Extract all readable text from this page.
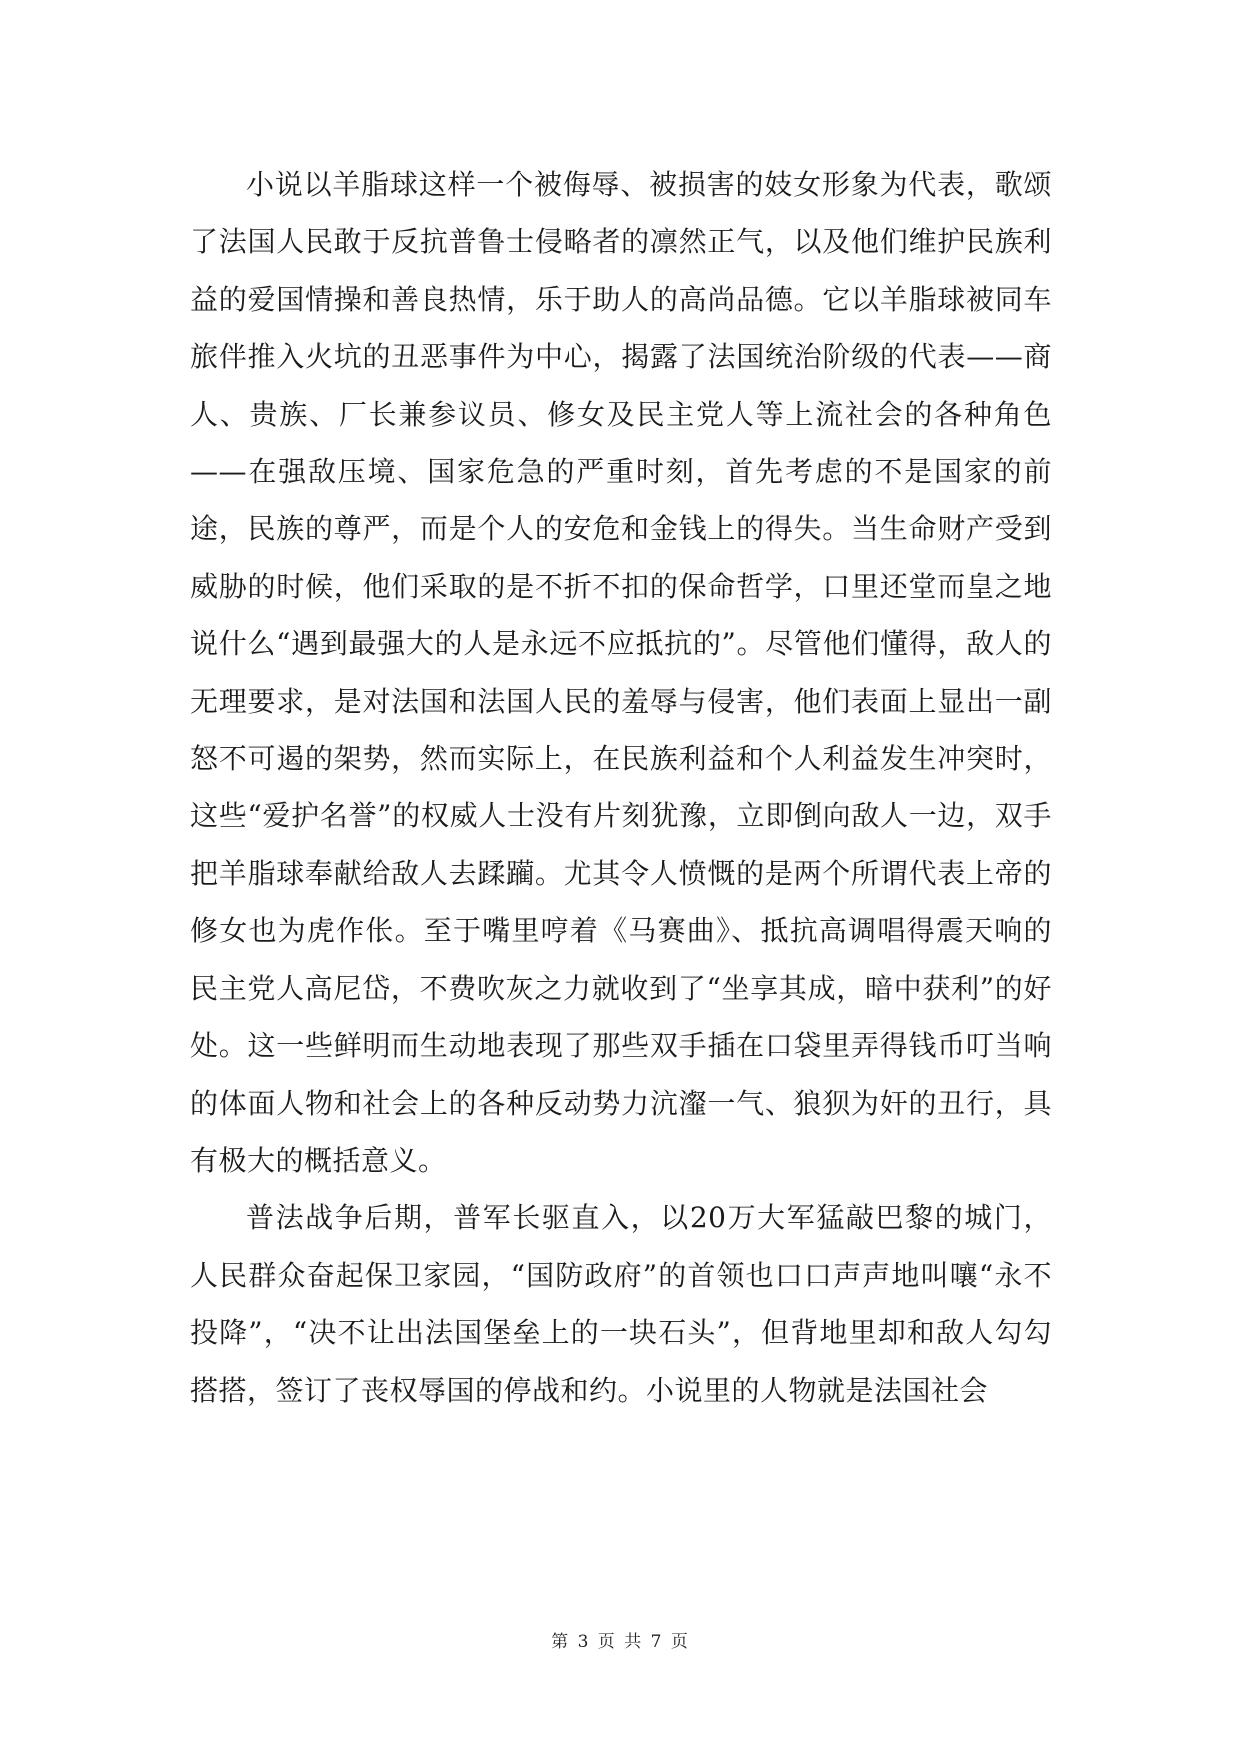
小说以羊脂球这样一个被侮辱、被损害的妓女形象为代表，歌颂了法国人民敢于反抗普鲁士侵略者的凛然正气，以及他们维护民族利益的爱国情操和善良热情，乐于助人的高尚品德。它以羊脂球被同车旅伴推入火坑的丑恶事件为中心，揭露了法国统治阶级的代表——商人、贵族、厂长兼参议员、修女及民主党人等上流社会的各种角色——在强敌压境、国家危急的严重时刻，首先考虑的不是国家的前途，民族的尊严，而是个人的安危和金钱上的得失。当生命财产受到威胁的时候，他们采取的是不折不扣的保命哲学，口里还堂而皇之地说什么“遇到最强大的人是永远不应抵抗的”。尽管他们懂得，敌人的无理要求，是对法国和法国人民的羞辱与侵害，他们表面上显出一副怒不可遏的架势，然而实际上，在民族利益和个人利益发生冲突时，这些“爱护名誉”的权威人士没有片刻犹豫，立即倒向敌人一边，双手把羊脂球奉献给敌人去蹂躏。尤其令人愤慨的是两个所谓代表上帝的修女也为虎作伥。至于嘴里哼着《马赛曲》、抵抗高调唱得震天响的民主党人高尼岱，不费吹灰之力就收到了“坐享其成，暗中获利”的好处。这一些鲜明而生动地表现了那些双手插在口袋里弄得钱币叮当响的体面人物和社会上的各种反动势力沆瀣一气、狼狈为奸的丑行，具有极大的概括意义。

普法战争后期，普军长驱直入，以20万大军猛敲巴黎的城门，人民群众奋起保卫家园，“国防政府”的首领也口口声声地叫嚷“永不投降”，“决不让出法国堡垒上的一块石头”，但背地里却和敌人勾勾搭搭，签订了丧权辱国的停战和约。小说里的人物就是法国社会

第 3 页 共 7 页
